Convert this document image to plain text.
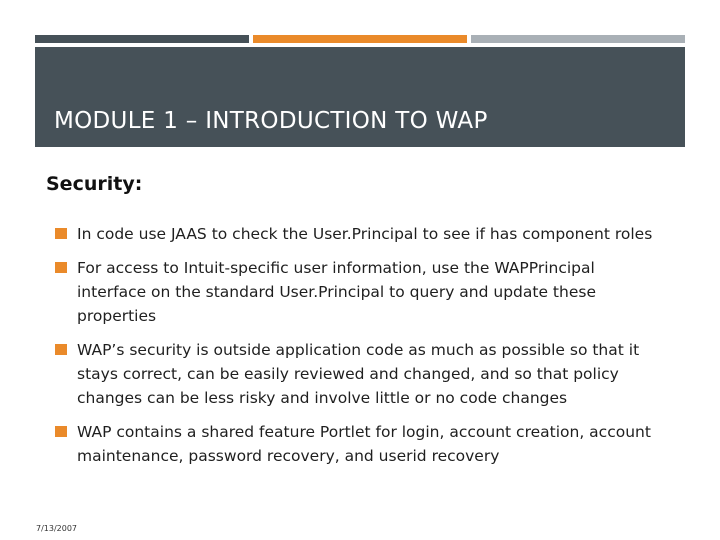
MODULE 1 – INTRODUCTION TO WAP
Security:
In code use JAAS to check the User.Principal to see if has component roles
For access to Intuit-specific user information, use the WAPPrincipal interface on the standard User.Principal to query and update these properties
WAP’s security is outside application code as much as possible so that it stays correct, can be easily reviewed and changed, and so that policy changes can be less risky and involve little or no code changes
WAP contains a shared feature Portlet for login, account creation, account maintenance, password recovery, and userid recovery
7/13/2007
